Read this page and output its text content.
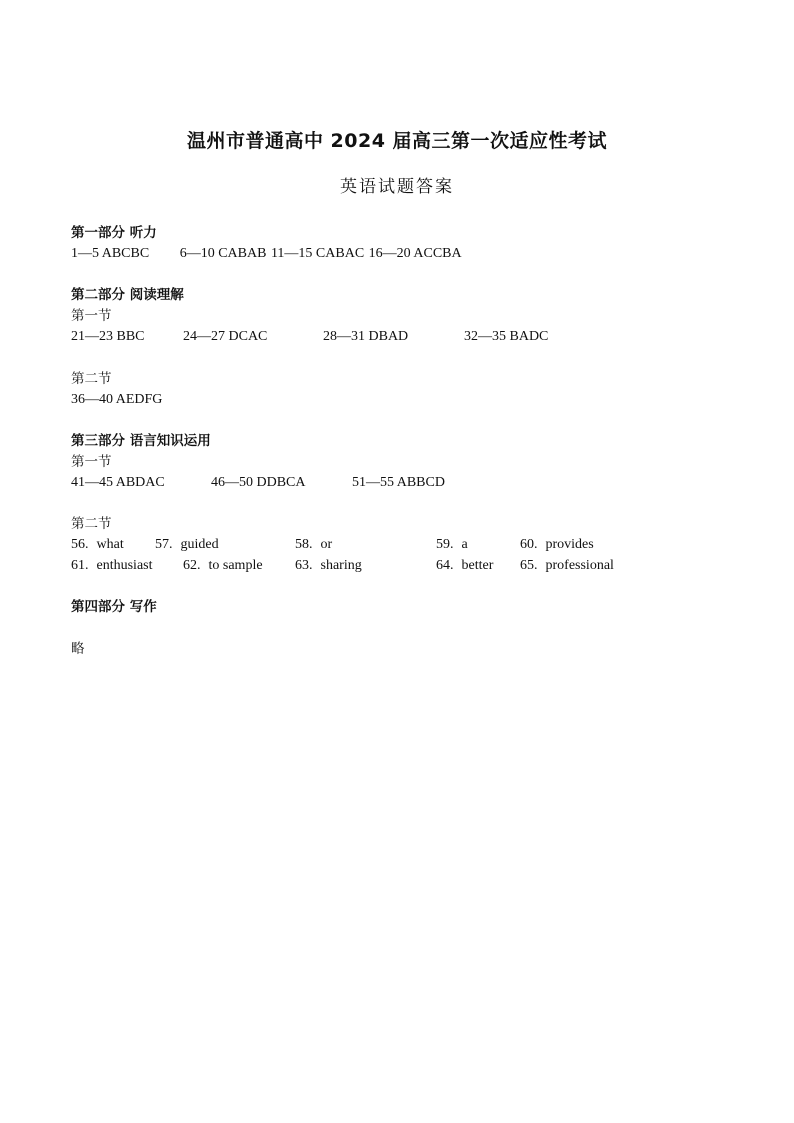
温州市普通高中 2024 届高三第一次适应性考试
英语试题答案
第一部分 听力
1—5 ABCBC 6—10 CABAB 11—15 CABAC 16—20 ACCBA
第二部分 阅读理解
第一节
21—23 BBC	24—27 DCAC	28—31 DBAD	32—35 BADC
第二节
36—40 AEDFG
第三部分 语言知识运用
第一节
41—45 ABDAC	46—50 DDBCA	51—55 ABBCD
第二节
56. what 57. guided	58. or	59. a	60. provides
61. enthusiast 62. to sample 63. sharing	64. better 65. professional
第四部分 写作
略
